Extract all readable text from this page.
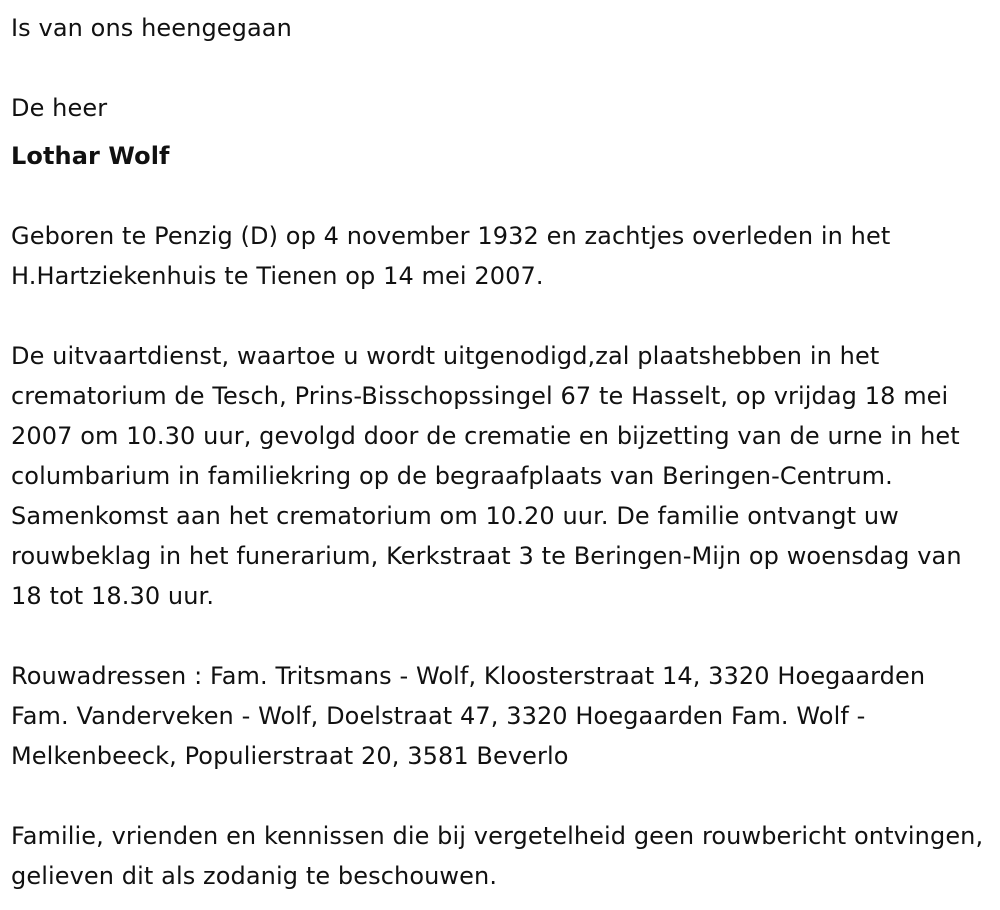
Is van ons heengegaan

De heer

Lothar Wolf

Geboren te Penzig (D) op 4 november 1932 en zachtjes overleden in het H.Hartziekenhuis te Tienen op 14 mei 2007.

De uitvaartdienst, waartoe u wordt uitgenodigd,zal plaatshebben in het crematorium de Tesch, Prins-Bisschopssingel 67 te Hasselt, op vrijdag 18 mei 2007 om 10.30 uur, gevolgd door de crematie en bijzetting van de urne in het columbarium in familiekring op de begraafplaats van Beringen-Centrum. Samenkomst aan het crematorium om 10.20 uur. De familie ontvangt uw rouwbeklag in het funerarium, Kerkstraat 3 te Beringen-Mijn op woensdag van 18 tot 18.30 uur.

Rouwadressen : Fam. Tritsmans - Wolf, Kloosterstraat 14, 3320 Hoegaarden Fam. Vanderveken - Wolf, Doelstraat 47, 3320 Hoegaarden Fam. Wolf - Melkenbeeck, Populierstraat 20, 3581 Beverlo

Familie, vrienden en kennissen die bij vergetelheid geen rouwbericht ontvingen, gelieven dit als zodanig te beschouwen.
